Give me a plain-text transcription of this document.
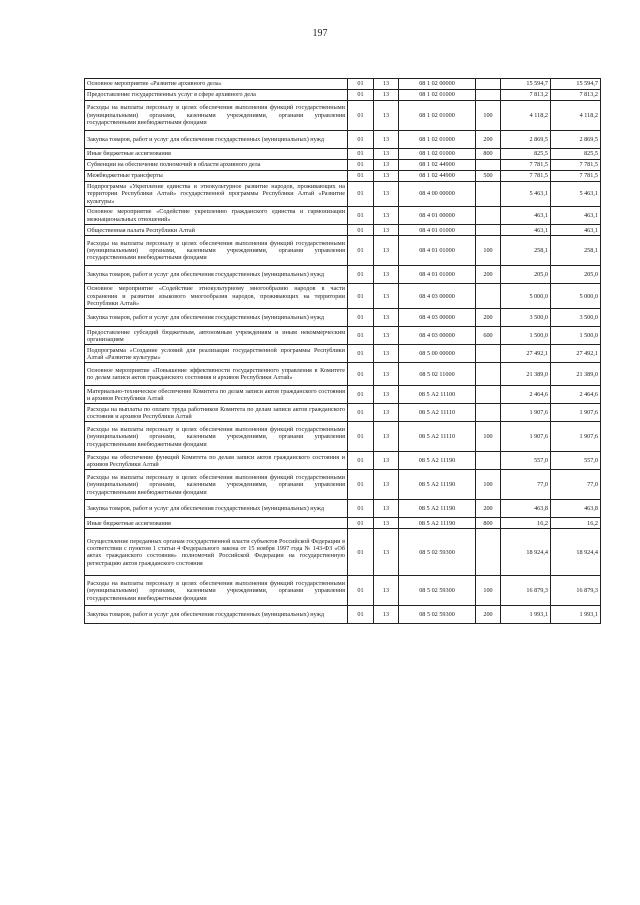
197
Основное мероприятие «Развитие архивного дела»	01	13	08 1 02 00000		15 594,7	15 594,7
Предоставление государственных услуг в сфере архивного дела	01	13	08 1 02 01000		7 813,2	7 813,2
Расходы на выплаты персоналу в целях обеспечения выполнения функций государственными (муниципальными) органами, казенными учреждениями, органами управления государственными внебюджетными фондами	01	13	08 1 02 01000	100	4 118,2	4 118,2
Закупка товаров, работ и услуг для обеспечения государственных (муниципальных) нужд	01	13	08 1 02 01000	200	2 869,5	2 869,5
Иные бюджетные ассигнования	01	13	08 1 02 01000	800	825,5	825,5
Субвенции на обеспечение полномочий в области архивного дела	01	13	08 1 02 44900		7 781,5	7 781,5
Межбюджетные трансферты	01	13	08 1 02 44900	500	7 781,5	7 781,5
Подпрограмма «Укрепление единства и этнокультурное развитие народов, проживающих на территории Республики Алтай» государственной программы Республики Алтай «Развитие культуры»	01	13	08 4 00 00000		5 463,1	5 463,1
Основное мероприятие «Содействие укреплению гражданского единства и гармонизации межнациональных отношений»	01	13	08 4 01 00000		463,1	463,1
Общественная палата Республики Алтай	01	13	08 4 01 01000		463,1	463,1
Расходы на выплаты персоналу в целях обеспечения выполнения функций государственными (муниципальными) органами, казенными учреждениями, органами управления государственными внебюджетными фондами	01	13	08 4 01 01000	100	258,1	258,1
Закупка товаров, работ и услуг для обеспечения государственных (муниципальных) нужд	01	13	08 4 01 01000	200	205,0	205,0
Основное мероприятие «Содействие этнокультурному многообразию народов в части сохранения и развития языкового многообразия народов, проживающих на территории Республики Алтай»	01	13	08 4 03 00000		5 000,0	5 000,0
Закупка товаров, работ и услуг для обеспечения государственных (муниципальных) нужд	01	13	08 4 03 00000	200	3 500,0	3 500,0
Предоставление субсидий бюджетным, автономным учреждениям и иным некоммерческим организациям	01	13	08 4 03 00000	600	1 500,0	1 500,0
Подпрограмма «Создание условий для реализации государственной программы Республики Алтай «Развитие культуры»	01	13	08 5 00 00000		27 492,1	27 492,1
Основное мероприятие «Повышение эффективности государственного управления в Комитете по делам записи актов гражданского состояния и архивов Республики Алтай»	01	13	08 5 02 11000		21 389,0	21 389,0
Материально-техническое обеспечение Комитета по делам записи актов гражданского состояния и архивов Республики Алтай	01	13	08 5 А2 11100		2 464,6	2 464,6
Расходы на выплаты по оплате труда работников Комитета по делам записи актов гражданского состояния и архивов Республики Алтай	01	13	08 5 А2 11110		1 907,6	1 907,6
Расходы на выплаты персоналу в целях обеспечения выполнения функций государственными (муниципальными) органами, казенными учреждениями, органами управления государственными внебюджетными фондами	01	13	08 5 А2 11110	100	1 907,6	1 907,6
Расходы на обеспечение функций Комитета по делам записи актов гражданского состояния и архивов Республики Алтай	01	13	08 5 А2 11190		557,0	557,0
Расходы на выплаты персоналу в целях обеспечения выполнения функций государственными (муниципальными) органами, казенными учреждениями, органами управления государственными внебюджетными фондами	01	13	08 5 А2 11190	100	77,0	77,0
Закупка товаров, работ и услуг для обеспечения государственных (муниципальных) нужд	01	13	08 5 А2 11190	200	463,8	463,8
Иные бюджетные ассигнования	01	13	08 5 А2 11190	800	16,2	16,2
Осуществление переданных органам государственной власти субъектов Российской Федерации в соответствии с пунктом 1 статьи 4 Федерального закона от 15 ноября 1997 года № 143-ФЗ «Об актах гражданского состояния» полномочий Российской Федерации на государственную регистрацию актов гражданского состояния	01	13	08 5 02 59300		18 924,4	18 924,4
Расходы на выплаты персоналу в целях обеспечения выполнения функций государственными (муниципальными) органами, казенными учреждениями, органами управления государственными внебюджетными фондами	01	13	08 5 02 59300	100	16 879,3	16 879,3
Закупка товаров, работ и услуг для обеспечения государственных (муниципальных) нужд	01	13	08 5 02 59300	200	1 993,1	1 993,1
